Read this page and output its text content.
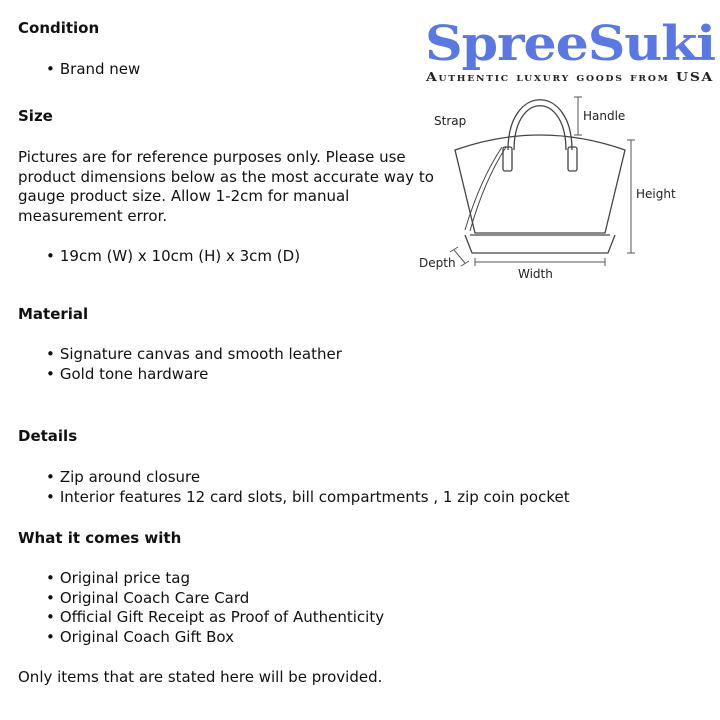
SpreeSuki
Authentic luxury goods from USA
Condition
• Brand new
Size
Pictures are for reference purposes only. Please use
product dimensions below as the most accurate way to
gauge product size. Allow 1-2cm for manual
measurement error.
• 19cm (W) x 10cm (H) x 3cm (D)
Strap	Handle
Height
Depth
Width
Material
• Signature canvas and smooth leather
• Gold tone hardware
Details
• Zip around closure
• Interior features 12 card slots, bill compartments , 1 zip coin pocket
What it comes with
• Original price tag
• Original Coach Care Card
• Official Gift Receipt as Proof of Authenticity
• Original Coach Gift Box

Only items that are stated here will be provided.
